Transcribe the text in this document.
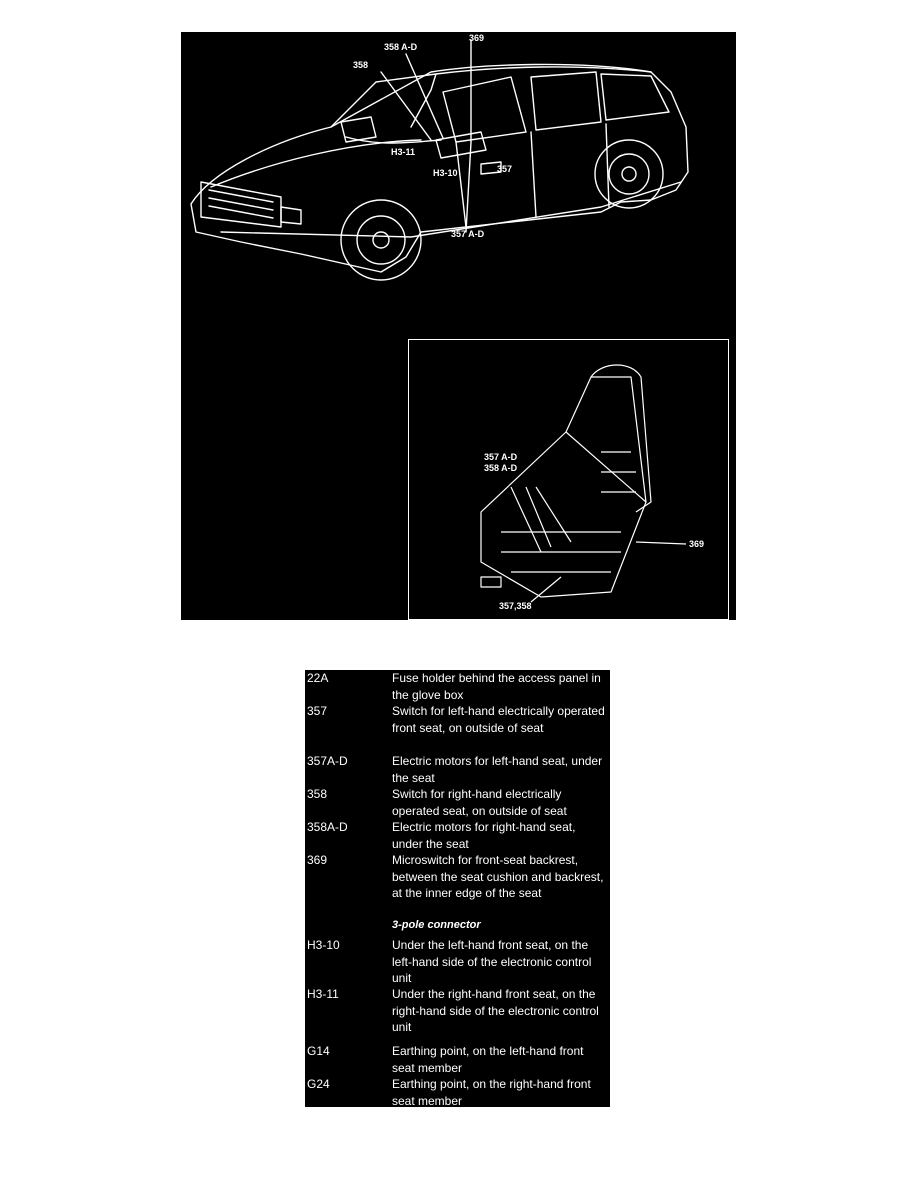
358 A-D
369
358
H3-11
H3-10	357
357 A-D
357 A-D
358 A-D
369
357,358
22A	Fuse holder behind the access panel in the glove box
357	Switch for left-hand electrically operated front seat, on outside of seat
357A-D	Electric motors for left-hand seat, under the seat
358	Switch for right-hand electrically operated seat, on outside of seat
358A-D	Electric motors for right-hand seat, under the seat
369	Microswitch for front-seat backrest, between the seat cushion and backrest, at the inner edge of the seat
3-pole connector
H3-10	Under the left-hand front seat, on the left-hand side of the electronic control unit
H3-11	Under the right-hand front seat, on the right-hand side of the electronic control unit
G14	Earthing point, on the left-hand front seat member
G24	Earthing point, on the right-hand front seat member
